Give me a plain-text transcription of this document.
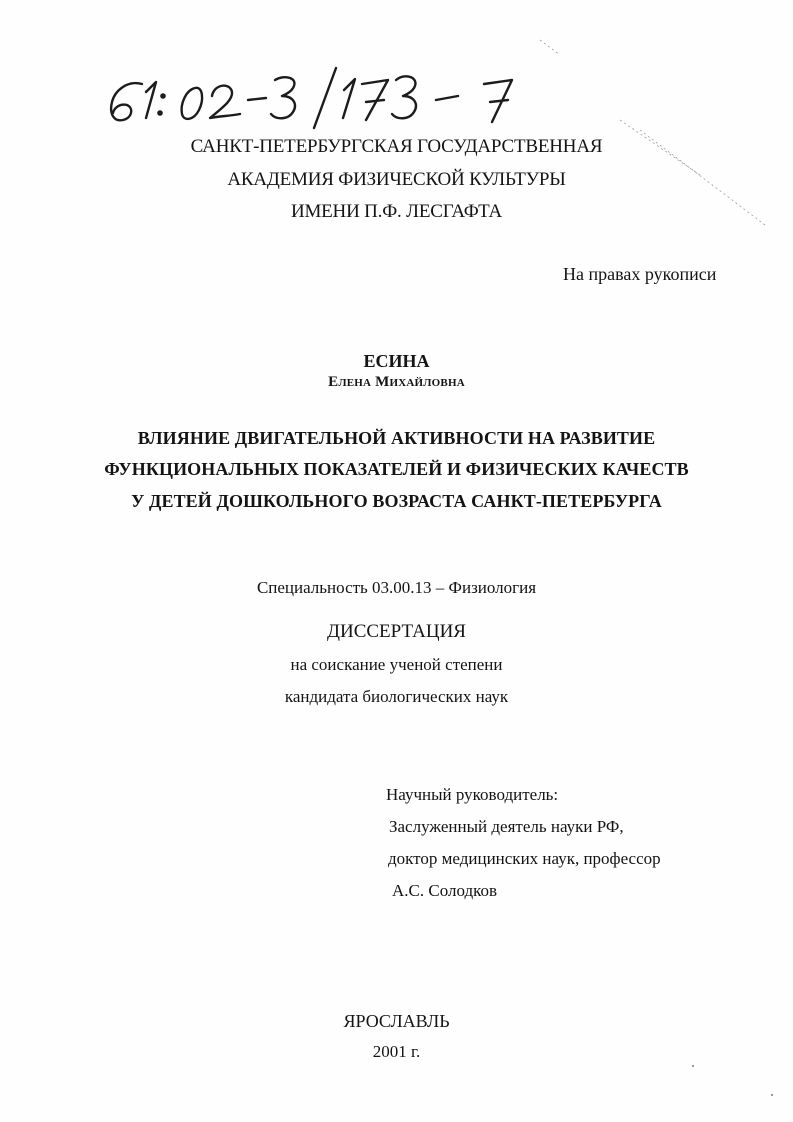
САНКТ-ПЕТЕРБУРГСКАЯ ГОСУДАРСТВЕННАЯ
АКАДЕМИЯ ФИЗИЧЕСКОЙ КУЛЬТУРЫ
ИМЕНИ П.Ф. ЛЕСГАФТА
На правах рукописи
ЕСИНА
Елена Михайловна
ВЛИЯНИЕ ДВИГАТЕЛЬНОЙ АКТИВНОСТИ НА РАЗВИТИЕ
ФУНКЦИОНАЛЬНЫХ ПОКАЗАТЕЛЕЙ И ФИЗИЧЕСКИХ КАЧЕСТВ
У ДЕТЕЙ ДОШКОЛЬНОГО ВОЗРАСТА САНКТ-ПЕТЕРБУРГА
Специальность 03.00.13 – Физиология
ДИССЕРТАЦИЯ
на соискание ученой степени
кандидата биологических наук
Научный руководитель:
Заслуженный деятель науки РФ,
доктор медицинских наук, профессор
А.С. Солодков
ЯРОСЛАВЛЬ
2001 г.
